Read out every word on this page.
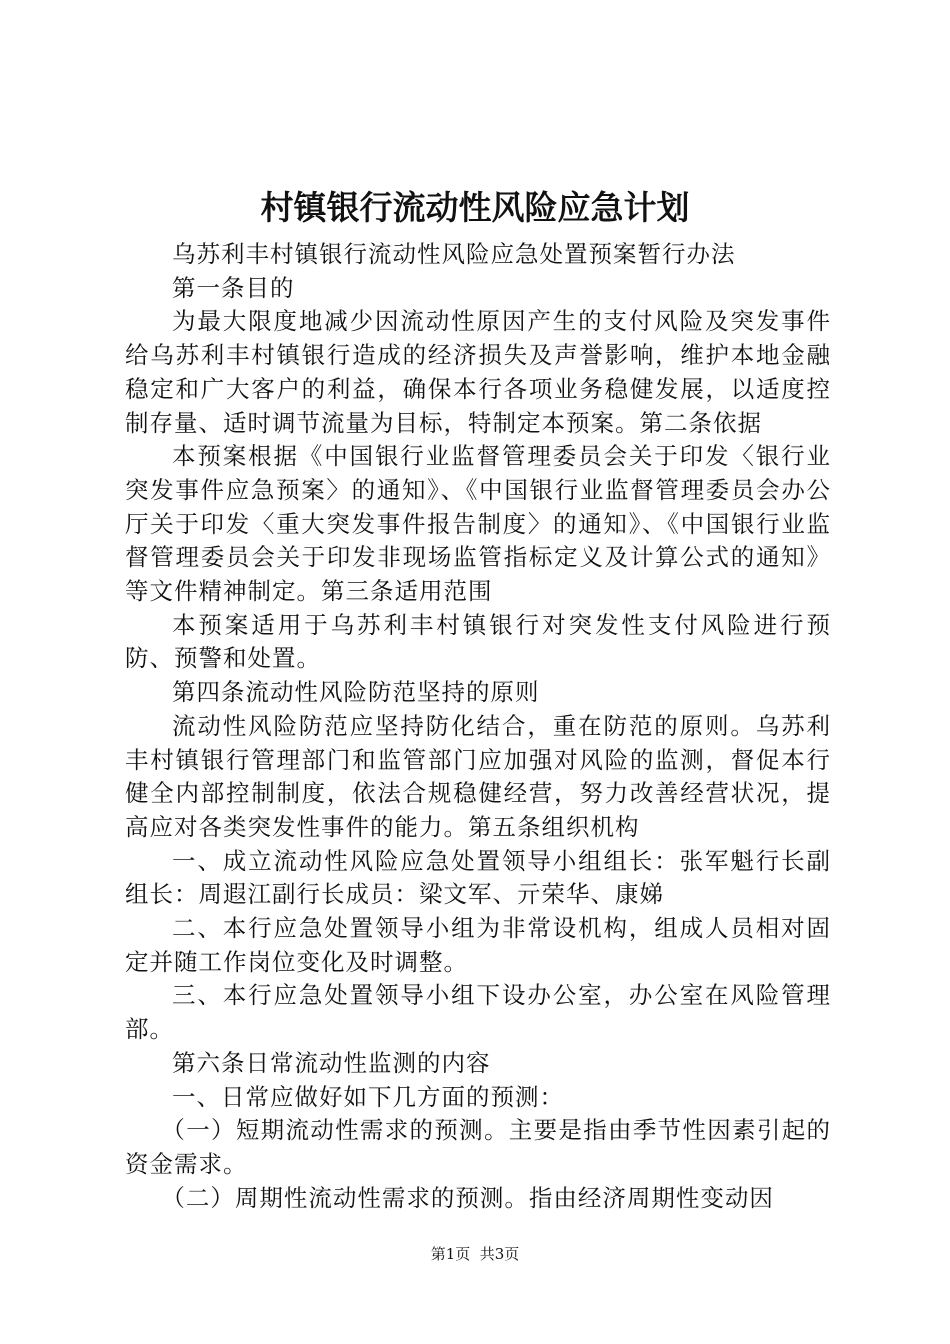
村镇银行流动性风险应急计划

乌苏利丰村镇银行流动性风险应急处置预案暂行办法

第一条目的

为最大限度地减少因流动性原因产生的支付风险及突发事件给乌苏利丰村镇银行造成的经济损失及声誉影响，维护本地金融稳定和广大客户的利益，确保本行各项业务稳健发展，以适度控制存量、适时调节流量为目标，特制定本预案。第二条依据

本预案根据《中国银行业监督管理委员会关于印发〈银行业突发事件应急预案〉的通知》、《中国银行业监督管理委员会办公厅关于印发〈重大突发事件报告制度〉的通知》、《中国银行业监督管理委员会关于印发非现场监管指标定义及计算公式的通知》等文件精神制定。第三条适用范围

本预案适用于乌苏利丰村镇银行对突发性支付风险进行预防、预警和处置。

第四条流动性风险防范坚持的原则

流动性风险防范应坚持防化结合，重在防范的原则。乌苏利丰村镇银行管理部门和监管部门应加强对风险的监测，督促本行健全内部控制制度，依法合规稳健经营，努力改善经营状况，提高应对各类突发性事件的能力。第五条组织机构

一、成立流动性风险应急处置领导小组组长：张军魁行长副组长：周遐江副行长成员：梁文军、亓荣华、康娣

二、本行应急处置领导小组为非常设机构，组成人员相对固定并随工作岗位变化及时调整。

三、本行应急处置领导小组下设办公室，办公室在风险管理部。

第六条日常流动性监测的内容

一、日常应做好如下几方面的预测：

（一）短期流动性需求的预测。主要是指由季节性因素引起的资金需求。

（二）周期性流动性需求的预测。指由经济周期性变动因

第1页  共3页
